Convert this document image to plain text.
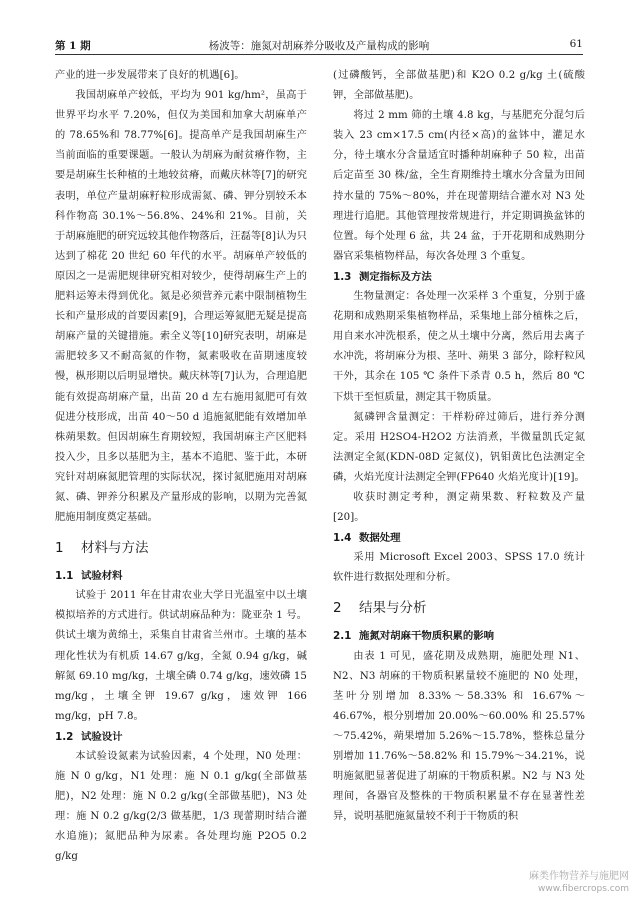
第 1 期	杨波等：施氮对胡麻养分吸收及产量构成的影响	61

产业的进一步发展带来了良好的机遇[6]。

我国胡麻单产较低，平均为 901 kg/hm²，虽高于世界平均水平 7.20%，但仅为美国和加拿大胡麻单产的 78.65%和 78.77%[6]。提高单产是我国胡麻生产当前面临的重要课题。一般认为胡麻为耐贫瘠作物，主要是胡麻生长种植的土地较贫瘠，而戴庆林等[7]的研究表明，单位产量胡麻籽粒形成需氮、磷、钾分别较禾本科作物高 30.1%～56.8%、24%和 21%。目前，关于胡麻施肥的研究远较其他作物落后，汪磊等[8]认为只达到了棉花 20 世纪 60 年代的水平。胡麻单产较低的原因之一是需肥规律研究相对较少，使得胡麻生产上的肥料运筹未得到优化。氮是必须营养元素中限制植物生长和产量形成的首要因素[9]，合理运筹氮肥无疑是提高胡麻产量的关键措施。索全义等[10]研究表明，胡麻是需肥较多又不耐高氮的作物，氮素吸收在苗期速度较慢，枞形期以后明显增快。戴庆林等[7]认为，合理追肥能有效提高胡麻产量，出苗 20 d 左右施用氮肥可有效促进分枝形成，出苗 40～50 d 追施氮肥能有效增加单株蒴果数。但因胡麻生育期较短，我国胡麻主产区肥料投入少，且多以基肥为主，基本不追肥、鉴于此，本研究针对胡麻氮肥管理的实际状况，探讨氮肥施用对胡麻氮、磷、钾养分积累及产量形成的影响，以期为完善氮肥施用制度奠定基础。

1 材料与方法
1.1 试验材料

试验于 2011 年在甘肃农业大学日光温室中以土壤模拟培养的方式进行。供试胡麻品种为：陇亚杂 1 号。供试土壤为黄绵土，采集自甘肃省兰州市。土壤的基本理化性状为有机质 14.67 g/kg，全氮 0.94 g/kg，碱解氮 69.10 mg/kg，土壤全磷 0.74 g/kg，速效磷 15 mg/kg，土壤全钾 19.67 g/kg，速效钾 166 mg/kg，pH 7.8。

1.2 试验设计

本试验设氮素为试验因素，4 个处理，N0 处理：施 N 0 g/kg，N1 处理：施 N 0.1 g/kg(全部做基肥)，N2 处理：施 N 0.2 g/kg(全部做基肥)，N3 处理：施 N 0.2 g/kg(2/3 做基肥，1/3 现蕾期时结合灌水追施)；氮肥品种为尿素。各处理均施 P2O5 0.2 g/kg

(过磷酸钙，全部做基肥)和 K2O 0.2 g/kg 土(硫酸钾，全部做基肥)。

将过 2 mm 筛的土壤 4.8 kg，与基肥充分混匀后装入 23 cm×17.5 cm(内径×高)的盆钵中，灌足水分，待土壤水分含量适宜时播种胡麻种子 50 粒，出苗后定苗至 30 株/盆，全生育期维持土壤水分含量为田间持水量的 75%～80%，并在现蕾期结合灌水对 N3 处理进行追肥。其他管理按常规进行，并定期调换盆钵的位置。每个处理 6 盆，共 24 盆，于开花期和成熟期分器官采集植物样品，每次各处理 3 个重复。

1.3 测定指标及方法

生物量测定：各处理一次采样 3 个重复，分别于盛花期和成熟期采集植物样品，采集地上部分植株之后，用自来水冲洗根系，使之从土壤中分离，然后用去离子水冲洗，将胡麻分为根、茎叶、蒴果 3 部分，除籽粒风干外，其余在 105 ℃ 条件下杀青 0.5 h，然后 80 ℃ 下烘干至恒质量，测定其干物质量。

氮磷钾含量测定：干样粉碎过筛后，进行养分测定。采用 H2SO4-H2O2 方法消煮，半微量凯氏定氮法测定全氮(KDN-08D 定氮仪)，钒钼黄比色法测定全磷，火焰光度计法测定全钾(FP640 火焰光度计)[19]。

收获时测定考种，测定蒴果数、籽粒数及产量[20]。

1.4 数据处理

采用 Microsoft Excel 2003、SPSS 17.0 统计软件进行数据处理和分析。

2 结果与分析
2.1 施氮对胡麻干物质积累的影响

由表 1 可见，盛花期及成熟期，施肥处理 N1、N2、N3 胡麻的干物质积累量较不施肥的 N0 处理，茎叶分别增加 8.33%～58.33% 和 16.67%～46.67%，根分别增加 20.00%～60.00% 和 25.57%～75.42%，蒴果增加 5.26%～15.78%，整株总量分别增加 11.76%～58.82% 和 15.79%～34.21%，说明施氮肥显著促进了胡麻的干物质积累。N2 与 N3 处理间，各器官及整株的干物质积累量不存在显著性差异，说明基肥施氮量较不利于干物质的积

麻类作物营养与施肥网
www.fibercrops.com
